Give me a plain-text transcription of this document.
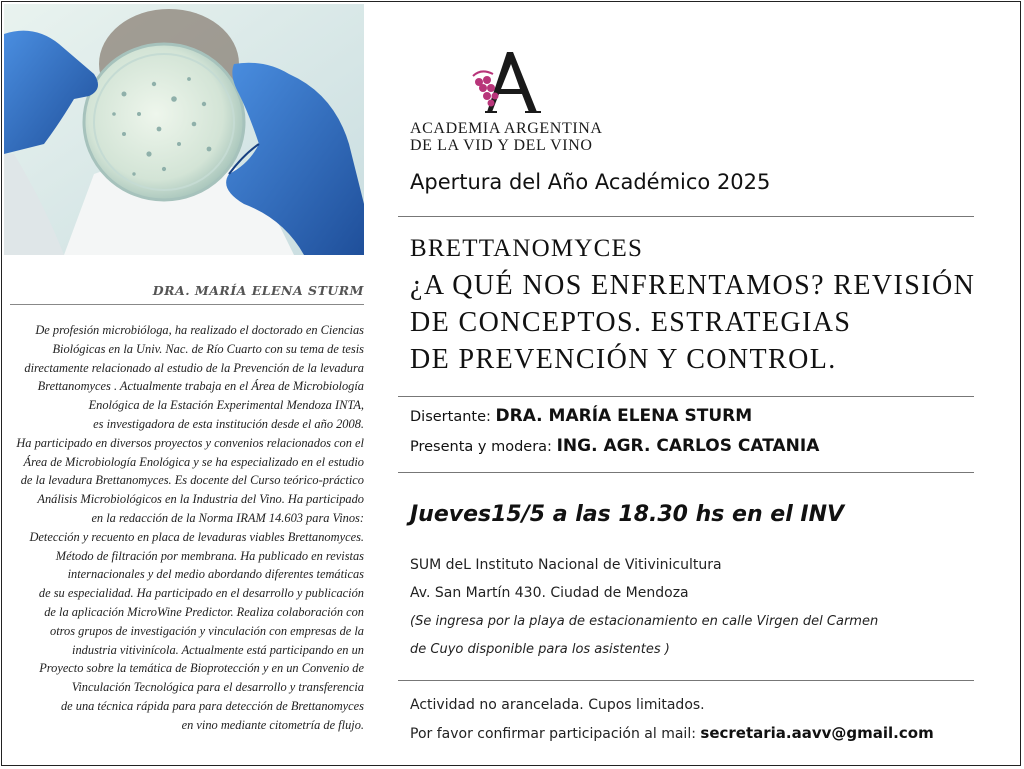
DRA. MARÍA ELENA STURM
De profesión microbióloga, ha realizado el doctorado en Ciencias
Biológicas en la Univ. Nac. de Río Cuarto con su tema de tesis
directamente relacionado al estudio de la Prevención de la levadura
Brettanomyces . Actualmente trabaja en el Área de Microbiología
Enológica de la Estación Experimental Mendoza INTA,
es investigadora de esta institución desde el año 2008.
Ha participado en diversos proyectos y convenios relacionados con el
Área de Microbiología Enológica y se ha especializado en el estudio
de la levadura Brettanomyces. Es docente del Curso teórico-práctico
Análisis Microbiológicos en la Industria del Vino. Ha participado
en la redacción de la Norma IRAM 14.603 para Vinos:
Detección y recuento en placa de levaduras viables Brettanomyces.
Método de filtración por membrana. Ha publicado en revistas
internacionales y del medio abordando diferentes temáticas
de su especialidad. Ha participado en el desarrollo y publicación
de la aplicación MicroWine Predictor. Realiza colaboración con
otros grupos de investigación y vinculación con empresas de la
industria vitivinícola. Actualmente está participando en un
Proyecto sobre la temática de Bioprotección y en un Convenio de
Vinculación Tecnológica para el desarrollo y transferencia
de una técnica rápida para para detección de Brettanomyces
en vino mediante citometría de flujo.
ACADEMIA ARGENTINA
DE LA VID Y DEL VINO
Apertura del Año Académico 2025
BRETTANOMYCES
¿A QUÉ NOS ENFRENTAMOS? REVISIÓN
DE CONCEPTOS. ESTRATEGIAS
DE PREVENCIÓN Y CONTROL.
Disertante: DRA. MARÍA ELENA STURM
Presenta y modera: ING. AGR. CARLOS CATANIA
Jueves15/5 a las 18.30 hs en el INV
SUM deL Instituto Nacional de Vitivinicultura
Av. San Martín 430. Ciudad de Mendoza
(Se ingresa por la playa de estacionamiento en calle Virgen del Carmen
de Cuyo disponible para los asistentes )
Actividad no arancelada. Cupos limitados.
Por favor confirmar participación al mail: secretaria.aavv@gmail.com
